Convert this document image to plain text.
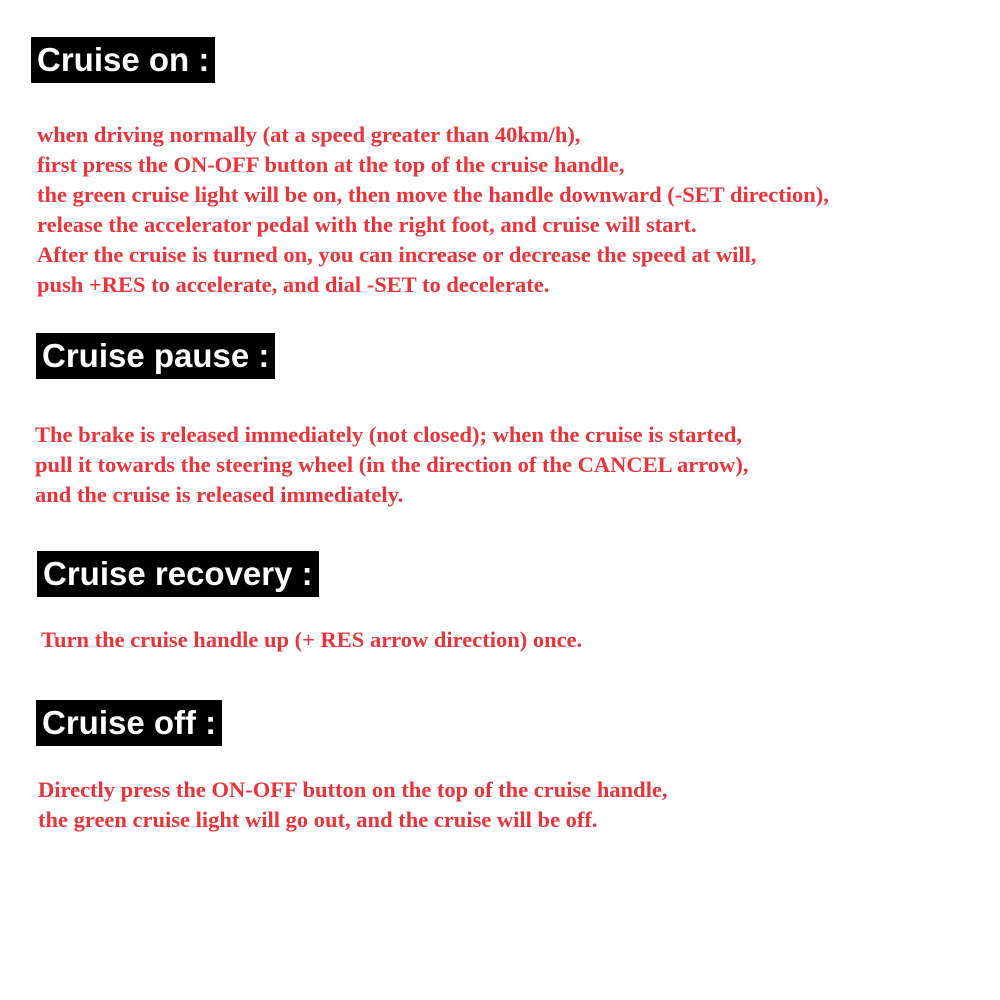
Cruise on :
when driving normally (at a speed greater than 40km/h),
first press the ON-OFF button at the top of the cruise handle,
the green cruise light will be on, then move the handle downward (-SET direction),
release the accelerator pedal with the right foot, and cruise will start.
After the cruise is turned on, you can increase or decrease the speed at will,
push +RES to accelerate, and dial -SET to decelerate.
Cruise pause :
The brake is released immediately (not closed); when the cruise is started,
pull it towards the steering wheel (in the direction of the CANCEL arrow),
and the cruise is released immediately.
Cruise recovery :
Turn the cruise handle up (+ RES arrow direction) once.
Cruise off :
Directly press the ON-OFF button on the top of the cruise handle,
the green cruise light will go out, and the cruise will be off.
